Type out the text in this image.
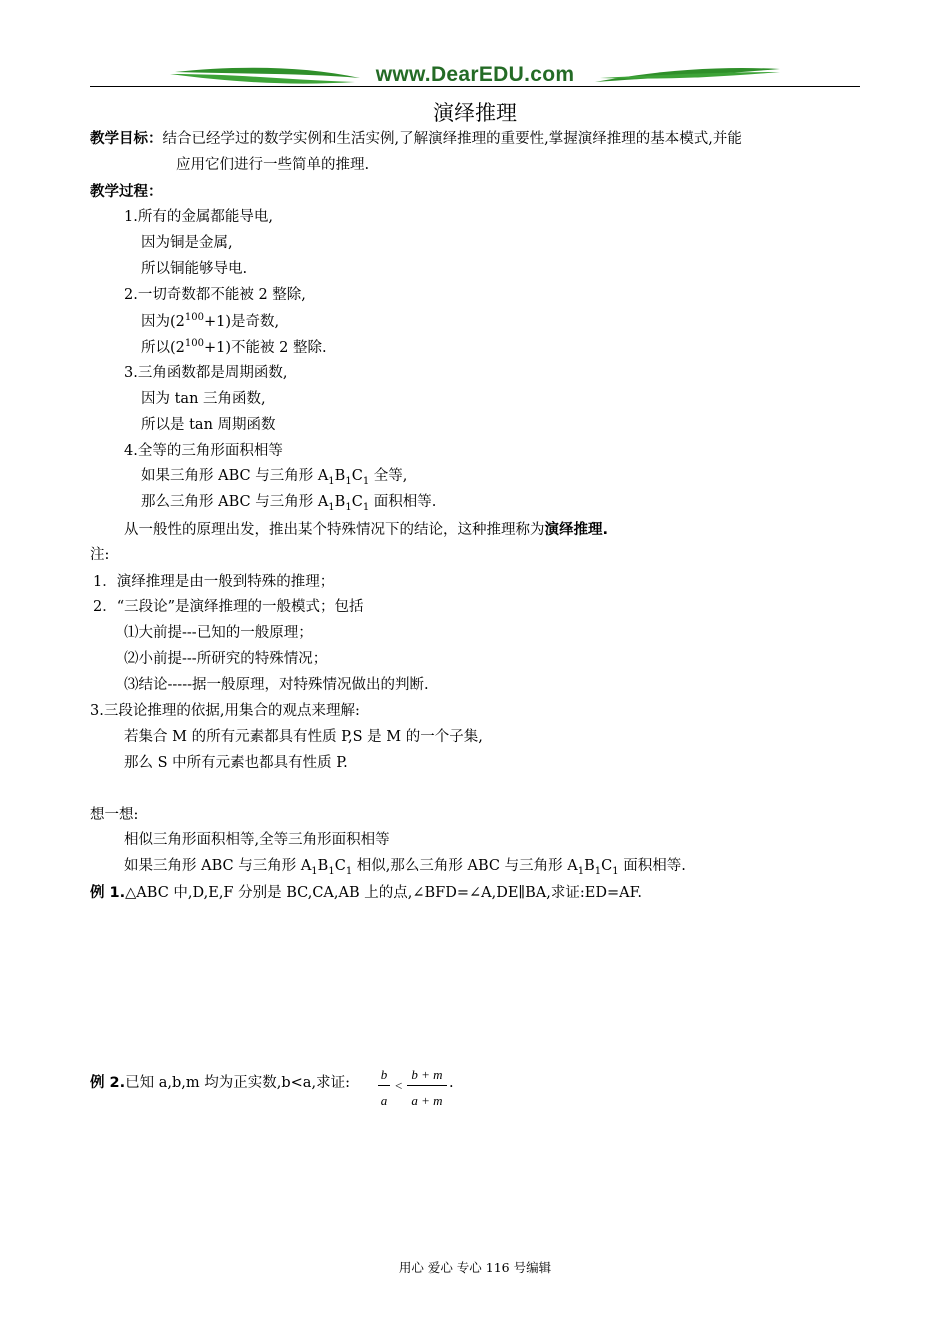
www.DearEDU.com
演绎推理
教学目标：结合已经学过的数学实例和生活实例,了解演绎推理的重要性,掌握演绎推理的基本模式,并能
应用它们进行一些简单的推理.
教学过程：
1.所有的金属都能导电,
因为铜是金属,
所以铜能够导电.
2.一切奇数都不能被 2 整除,
因为$(2^{100}+1)$是奇数,
所以$(2^{100}+1)$不能被 2 整除.
3.三角函数都是周期函数,
因为 tan 三角函数,
所以是 tan 周期函数
4.全等的三角形面积相等
如果三角形 ABC 与三角形 $A_1B_1C_1$ 全等,
那么三角形 ABC 与三角形 $A_1B_1C_1$ 面积相等.
从一般性的原理出发，推出某个特殊情况下的结论，这种推理称为演绎推理.
注:
1．演绎推理是由一般到特殊的推理；
2．“三段论”是演绎推理的一般模式；包括
⑴大前提---已知的一般原理；
⑵小前提---所研究的特殊情况；
⑶结论-----据一般原理，对特殊情况做出的判断.
3.三段论推理的依据,用集合的观点来理解:
若集合 M 的所有元素都具有性质 P,S 是 M 的一个子集,
那么 S 中所有元素也都具有性质 P.
想一想:
相似三角形面积相等,全等三角形面积相等
如果三角形 ABC 与三角形 $A_1B_1C_1$ 相似,那么三角形 ABC 与三角形 $A_1B_1C_1$ 面积相等.
例 1.△ABC 中,D,E,F 分别是 BC,CA,AB 上的点,∠BFD=∠A,DE∥BA,求证:ED=AF.
例 2.已知 a,b,m 均为正实数,b<a,求证:
b
a
<
b + m
a + m
.
用心 爱心 专心 116 号编辑
